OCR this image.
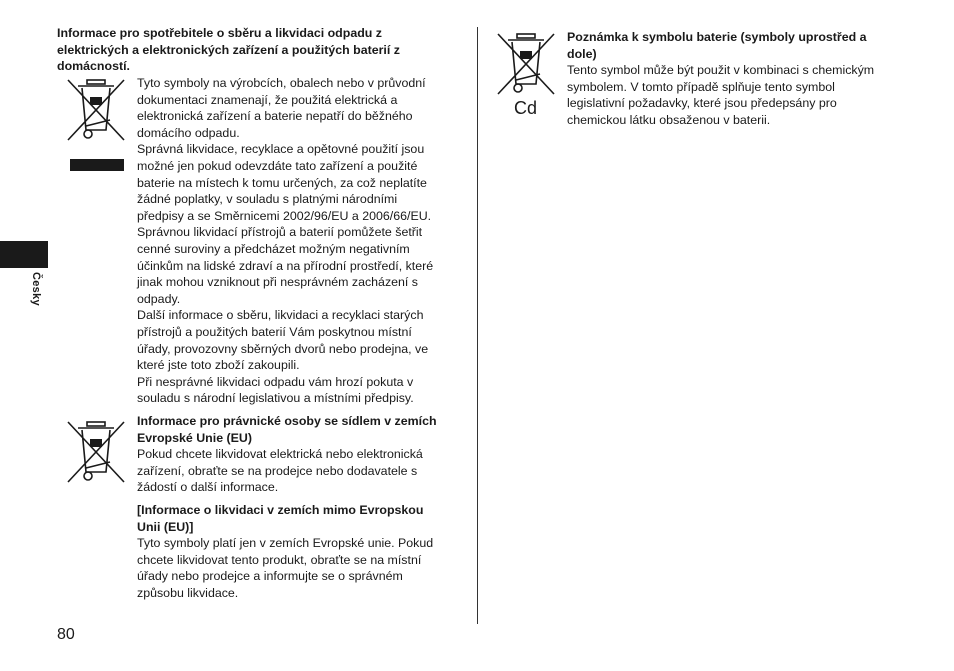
Česky

Informace pro spotřebitele o sběru a likvidaci odpadu z
elektrických a elektronických zařízení a použitých baterií z
domácností.

Tyto symboly na výrobcích, obalech nebo v průvodní
dokumentaci znamenají, že použitá elektrická a
elektronická zařízení a baterie nepatří do běžného
domácího odpadu.

Správná likvidace, recyklace a opětovné použití jsou
možné jen pokud odevzdáte tato zařízení a použité
baterie na místech k tomu určených, za což neplatíte
žádné poplatky, v souladu s platnými národními
předpisy a se Směrnicemi 2002/96/EU a 2006/66/EU.

Správnou likvidací přístrojů a baterií pomůžete šetřit
cenné suroviny a předcházet možným negativním
účinkům na lidské zdraví a na přírodní prostředí, které
jinak mohou vzniknout při nesprávném zacházení s
odpady.

Další informace o sběru, likvidaci a recyklaci starých
přístrojů a použitých baterií Vám poskytnou místní
úřady, provozovny sběrných dvorů nebo prodejna, ve
které jste toto zboží zakoupili.

Při nesprávné likvidaci odpadu vám hrozí pokuta v
souladu s národní legislativou a místními předpisy.

Informace pro právnické osoby se sídlem v zemích
Evropské Unie (EU)

Pokud chcete likvidovat elektrická nebo elektronická
zařízení, obraťte se na prodejce nebo dodavatele s
žádostí o další informace.

[Informace o likvidaci v zemích mimo Evropskou
Unii (EU)]

Tyto symboly platí jen v zemích Evropské unie. Pokud
chcete likvidovat tento produkt, obraťte se na místní
úřady nebo prodejce a informujte se o správném
způsobu likvidace.

Cd

Poznámka k symbolu baterie (symboly uprostřed a
dole)

Tento symbol může být použit v kombinaci s chemickým
symbolem. V tomto případě splňuje tento symbol
legislativní požadavky, které jsou předepsány pro
chemickou látku obsaženou v baterii.

80
